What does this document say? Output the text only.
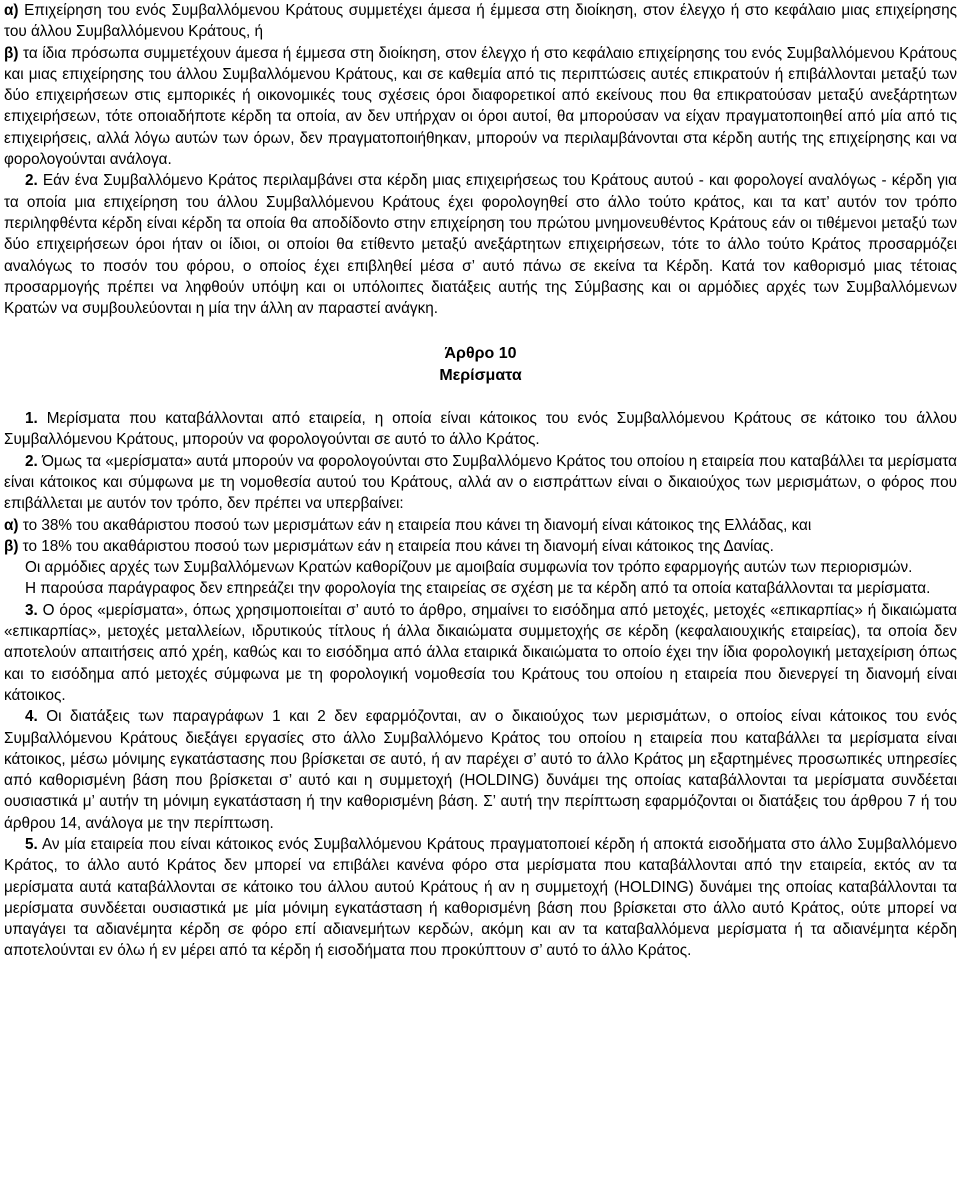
α) Επιχείρηση του ενός Συμβαλλόμενου Κράτους συμμετέχει άμεσα ή έμμεσα στη διοίκηση, στον έλεγχο ή στο κεφάλαιο μιας επιχείρησης του άλλου Συμβαλλόμενου Κράτους, ή

β) τα ίδια πρόσωπα συμμετέχουν άμεσα ή έμμεσα στη διοίκηση, στον έλεγχο ή στο κεφάλαιο επιχείρησης του ενός Συμβαλλόμενου Κράτους και μιας επιχείρησης του άλλου Συμβαλλόμενου Κράτους, και σε καθεμία από τις περιπτώσεις αυτές επικρατούν ή επιβάλλονται μεταξύ των δύο επιχειρήσεων στις εμπορικές ή οικονομικές τους σχέσεις όροι διαφορετικοί από εκείνους που θα επικρατούσαν μεταξύ ανεξάρτητων επιχειρήσεων, τότε οποιαδήποτε κέρδη τα οποία, αν δεν υπήρχαν οι όροι αυτοί, θα μπορούσαν να είχαν πραγματοποιηθεί από μία από τις επιχειρήσεις, αλλά λόγω αυτών των όρων, δεν πραγματοποιήθηκαν, μπορούν να περιλαμβάνονται στα κέρδη αυτής της επιχείρησης και να φορολογούνται ανάλογα.

2. Εάν ένα Συμβαλλόμενο Κράτος περιλαμβάνει στα κέρδη μιας επιχειρήσεως του Κράτους αυτού - και φορολογεί αναλόγως - κέρδη για τα οποία μια επιχείρηση του άλλου Συμβαλλόμενου Κράτους έχει φορολογηθεί στο άλλο τούτο κράτος, και τα κατ’ αυτόν τον τρόπο περιληφθέντα κέρδη είναι κέρδη τα οποία θα αποδίδονto στην επιχείρηση του πρώτου μνημονευθέντος Κράτους εάν οι τιθέμενοι μεταξύ των δύο επιχειρήσεων όροι ήταν οι ίδιοι, οι οποίοι θα ετίθεντο μεταξύ ανεξάρτητων επιχειρήσεων, τότε το άλλο τούτο Κράτος προσαρμόζει αναλόγως το ποσόν του φόρου, ο οποίος έχει επιβληθεί μέσα σ’ αυτό πάνω σε εκείνα τα Κέρδη. Κατά τον καθορισμό μιας τέτοιας προσαρμογής πρέπει να ληφθούν υπόψη και οι υπόλοιπες διατάξεις αυτής της Σύμβασης και οι αρμόδιες αρχές των Συμβαλλόμενων Κρατών να συμβουλεύονται η μία την άλλη αν παραστεί ανάγκη.

Άρθρο 10

Μερίσματα

1. Μερίσματα που καταβάλλονται από εταιρεία, η οποία είναι κάτοικος του ενός Συμβαλλόμενου Κράτους σε κάτοικο του άλλου Συμβαλλόμενου Κράτους, μπορούν να φορολογούνται σε αυτό το άλλο Κράτος.

2. Όμως τα «μερίσματα» αυτά μπορούν να φορολογούνται στο Συμβαλλόμενο Κράτος του οποίου η εταιρεία που καταβάλλει τα μερίσματα είναι κάτοικος και σύμφωνα με τη νομοθεσία αυτού του Κράτους, αλλά αν ο εισπράττων είναι ο δικαιούχος των μερισμάτων, ο φόρος που επιβάλλεται με αυτόν τον τρόπο, δεν πρέπει να υπερβαίνει:

α) το 38% του ακαθάριστου ποσού των μερισμάτων εάν η εταιρεία που κάνει τη διανομή είναι κάτοικος της Ελλάδας, και

β) το 18% του ακαθάριστου ποσού των μερισμάτων εάν η εταιρεία που κάνει τη διανομή είναι κάτοικος της Δανίας.

Οι αρμόδιες αρχές των Συμβαλλόμενων Κρατών καθορίζουν με αμοιβαία συμφωνία τον τρόπο εφαρμογής αυτών των περιορισμών.

Η παρούσα παράγραφος δεν επηρεάζει την φορολογία της εταιρείας σε σχέση με τα κέρδη από τα οποία καταβάλλονται τα μερίσματα.

3. Ο όρος «μερίσματα», όπως χρησιμοποιείται σ’ αυτό το άρθρο, σημαίνει το εισόδημα από μετοχές, μετοχές «επικαρπίας» ή δικαιώματα «επικαρπίας», μετοχές μεταλλείων, ιδρυτικούς τίτλους ή άλλα δικαιώματα συμμετοχής σε κέρδη (κεφαλαιουχικής εταιρείας), τα οποία δεν αποτελούν απαιτήσεις από χρέη, καθώς και το εισόδημα από άλλα εταιρικά δικαιώματα το οποίο έχει την ίδια φορολογική μεταχείριση όπως και το εισόδημα από μετοχές σύμφωνα με τη φορολογική νομοθεσία του Κράτους του οποίου η εταιρεία που διενεργεί τη διανομή είναι κάτοικος.

4. Οι διατάξεις των παραγράφων 1 και 2 δεν εφαρμόζονται, αν ο δικαιούχος των μερισμάτων, ο οποίος είναι κάτοικος του ενός Συμβαλλόμενου Κράτους διεξάγει εργασίες στο άλλο Συμβαλλόμενο Κράτος του οποίου η εταιρεία που καταβάλλει τα μερίσματα είναι κάτοικος, μέσω μόνιμης εγκατάστασης που βρίσκεται σε αυτό, ή αν παρέχει σ’ αυτό το άλλο Κράτος μη εξαρτημένες προσωπικές υπηρεσίες από καθορισμένη βάση που βρίσκεται σ’ αυτό και η συμμετοχή (HOLDING) δυνάμει της οποίας καταβάλλονται τα μερίσματα συνδέεται ουσιαστικά μ’ αυτήν τη μόνιμη εγκατάσταση ή την καθορισμένη βάση. Σ’ αυτή την περίπτωση εφαρμόζονται οι διατάξεις του άρθρου 7 ή του άρθρου 14, ανάλογα με την περίπτωση.

5. Αν μία εταιρεία που είναι κάτοικος ενός Συμβαλλόμενου Κράτους πραγματοποιεί κέρδη ή αποκτά εισοδήματα στο άλλο Συμβαλλόμενο Κράτος, το άλλο αυτό Κράτος δεν μπορεί να επιβάλει κανένα φόρο στα μερίσματα που καταβάλλονται από την εταιρεία, εκτός αν τα μερίσματα αυτά καταβάλλονται σε κάτοικο του άλλου αυτού Κράτους ή αν η συμμετοχή (HOLDING) δυνάμει της οποίας καταβάλλονται τα μερίσματα συνδέεται ουσιαστικά με μία μόνιμη εγκατάσταση ή καθορισμένη βάση που βρίσκεται στο άλλο αυτό Κράτος, ούτε μπορεί να υπαγάγει τα αδιανέμητα κέρδη σε φόρο επί αδιανεμήτων κερδών, ακόμη και αν τα καταβαλλόμενα μερίσματα ή τα αδιανέμητα κέρδη αποτελούνται εν όλω ή εν μέρει από τα κέρδη ή εισοδήματα που προκύπτουν σ’ αυτό το άλλο Κράτος.
